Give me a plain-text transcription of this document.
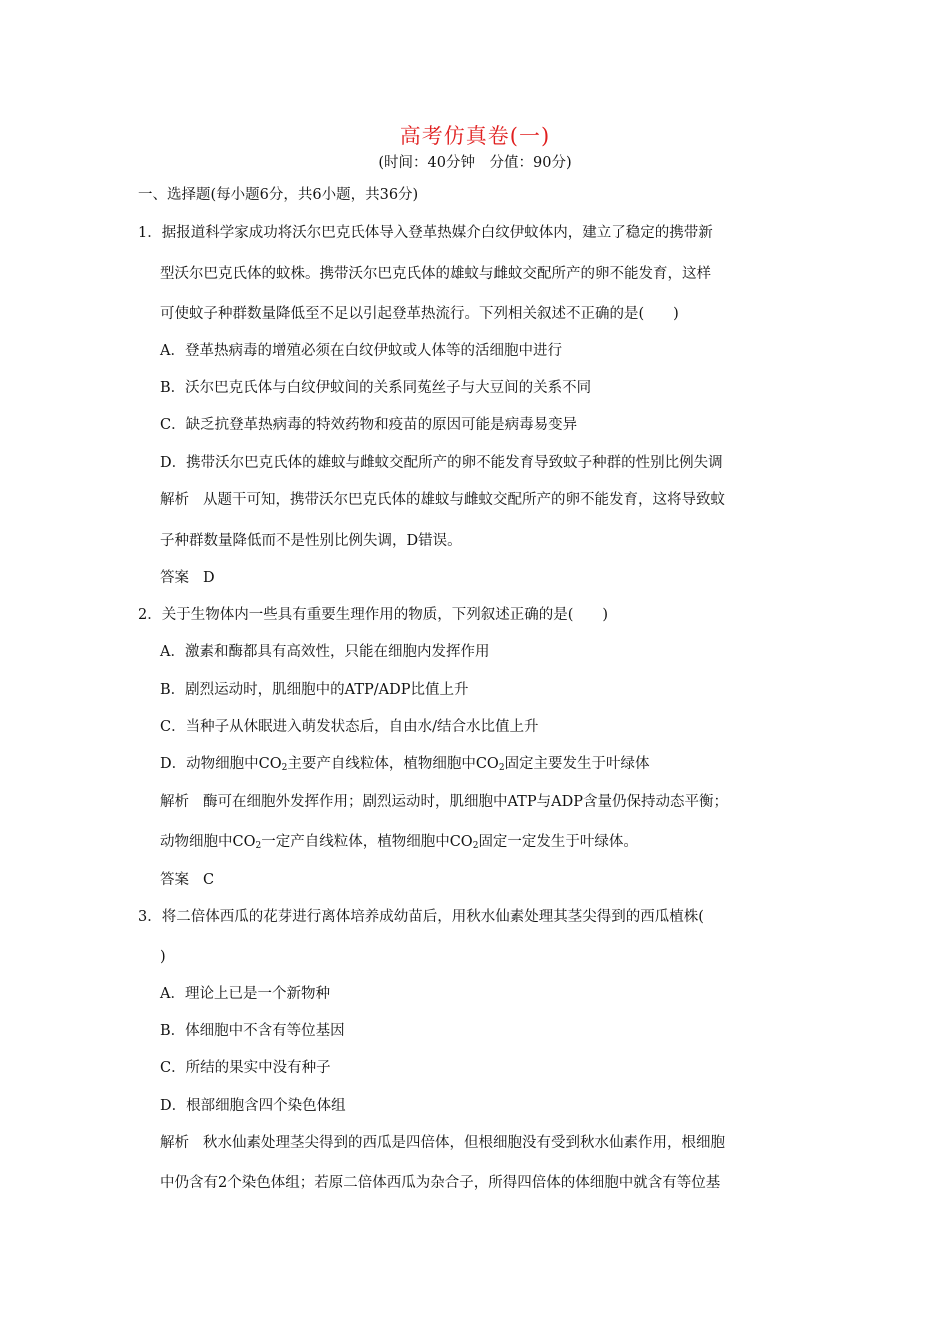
高考仿真卷(一)
(时间：40分钟　分值：90分)
一、选择题(每小题6分，共6小题，共36分)
1．据报道科学家成功将沃尔巴克氏体导入登革热媒介白纹伊蚊体内，建立了稳定的携带新
型沃尔巴克氏体的蚊株。携带沃尔巴克氏体的雄蚊与雌蚊交配所产的卵不能发育，这样
可使蚊子种群数量降低至不足以引起登革热流行。下列相关叙述不正确的是(　　)
A．登革热病毒的增殖必须在白纹伊蚊或人体等的活细胞中进行
B．沃尔巴克氏体与白纹伊蚊间的关系同菟丝子与大豆间的关系不同
C．缺乏抗登革热病毒的特效药物和疫苗的原因可能是病毒易变异
D．携带沃尔巴克氏体的雄蚊与雌蚊交配所产的卵不能发育导致蚊子种群的性别比例失调
解析 从题干可知，携带沃尔巴克氏体的雄蚊与雌蚊交配所产的卵不能发育，这将导致蚊
子种群数量降低而不是性别比例失调，D错误。
答案 D
2．关于生物体内一些具有重要生理作用的物质，下列叙述正确的是(　　)
A．激素和酶都具有高效性，只能在细胞内发挥作用
B．剧烈运动时，肌细胞中的ATP/ADP比值上升
C．当种子从休眠进入萌发状态后，自由水/结合水比值上升
D．动物细胞中$CO_2$主要产自线粒体，植物细胞中$CO_2$固定主要发生于叶绿体
解析 酶可在细胞外发挥作用；剧烈运动时，肌细胞中ATP与ADP含量仍保持动态平衡；
动物细胞中$CO_2$一定产自线粒体，植物细胞中$CO_2$固定一定发生于叶绿体。
答案 C
3．将二倍体西瓜的花芽进行离体培养成幼苗后，用秋水仙素处理其茎尖得到的西瓜植株(
)
A．理论上已是一个新物种
B．体细胞中不含有等位基因
C．所结的果实中没有种子
D．根部细胞含四个染色体组
解析 秋水仙素处理茎尖得到的西瓜是四倍体，但根细胞没有受到秋水仙素作用，根细胞
中仍含有2个染色体组；若原二倍体西瓜为杂合子，所得四倍体的体细胞中就含有等位基
